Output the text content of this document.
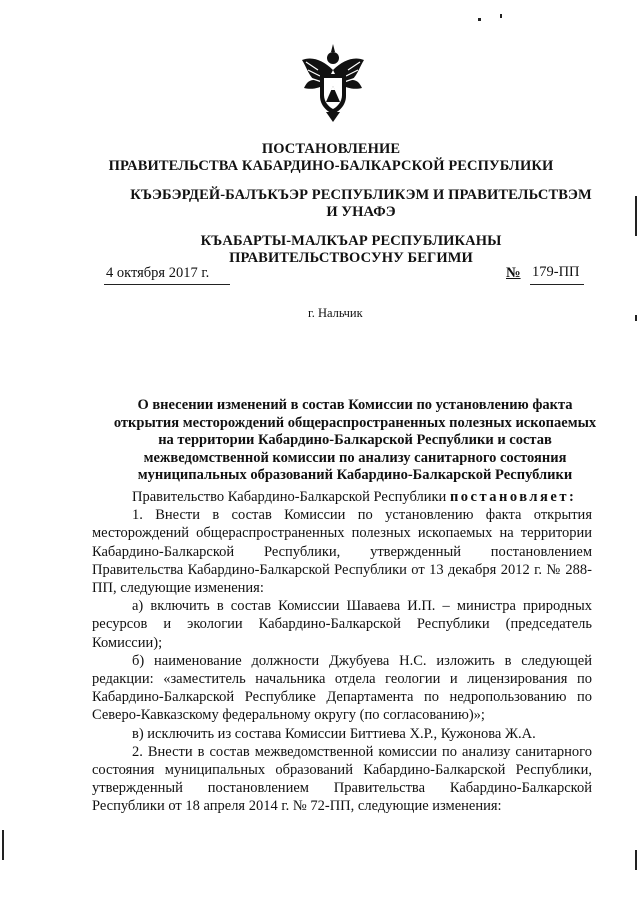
ПОСТАНОВЛЕНИЕ
ПРАВИТЕЛЬСТВА КАБАРДИНО-БАЛКАРСКОЙ РЕСПУБЛИКИ
КЪЭБЭРДЕЙ-БАЛЪКЪЭР РЕСПУБЛИКЭМ И ПРАВИТЕЛЬСТВЭМ И УНАФЭ
КЪАБАРТЫ-МАЛКЪАР РЕСПУБЛИКАНЫ ПРАВИТЕЛЬСТВОСУНУ БЕГИМИ
4 октября 2017 г.	№ 179-ПП
г. Нальчик
О внесении изменений в состав Комиссии по установлению факта открытия месторождений общераспространенных полезных ископаемых на территории Кабардино-Балкарской Республики и состав межведомственной комиссии по анализу санитарного состояния муниципальных образований Кабардино-Балкарской Республики

Правительство Кабардино-Балкарской Республики постановляет:

1. Внести в состав Комиссии по установлению факта открытия месторождений общераспространенных полезных ископаемых на территории Кабардино-Балкарской Республики, утвержденный постановлением Правительства Кабардино-Балкарской Республики от 13 декабря 2012 г. № 288-ПП, следующие изменения:

а) включить в состав Комиссии Шаваева И.П. – министра природных ресурсов и экологии Кабардино-Балкарской Республики (председатель Комиссии);

б) наименование должности Джубуева Н.С. изложить в следующей редакции: «заместитель начальника отдела геологии и лицензирования по Кабардино-Балкарской Республике Департамента по недропользованию по Северо-Кавказскому федеральному округу (по согласованию)»;

в) исключить из состава Комиссии Биттиева Х.Р., Кужонова Ж.А.

2. Внести в состав межведомственной комиссии по анализу санитарного состояния муниципальных образований Кабардино-Балкарской Республики, утвержденный постановлением Правительства Кабардино-Балкарской Республики от 18 апреля 2014 г. № 72-ПП, следующие изменения:
